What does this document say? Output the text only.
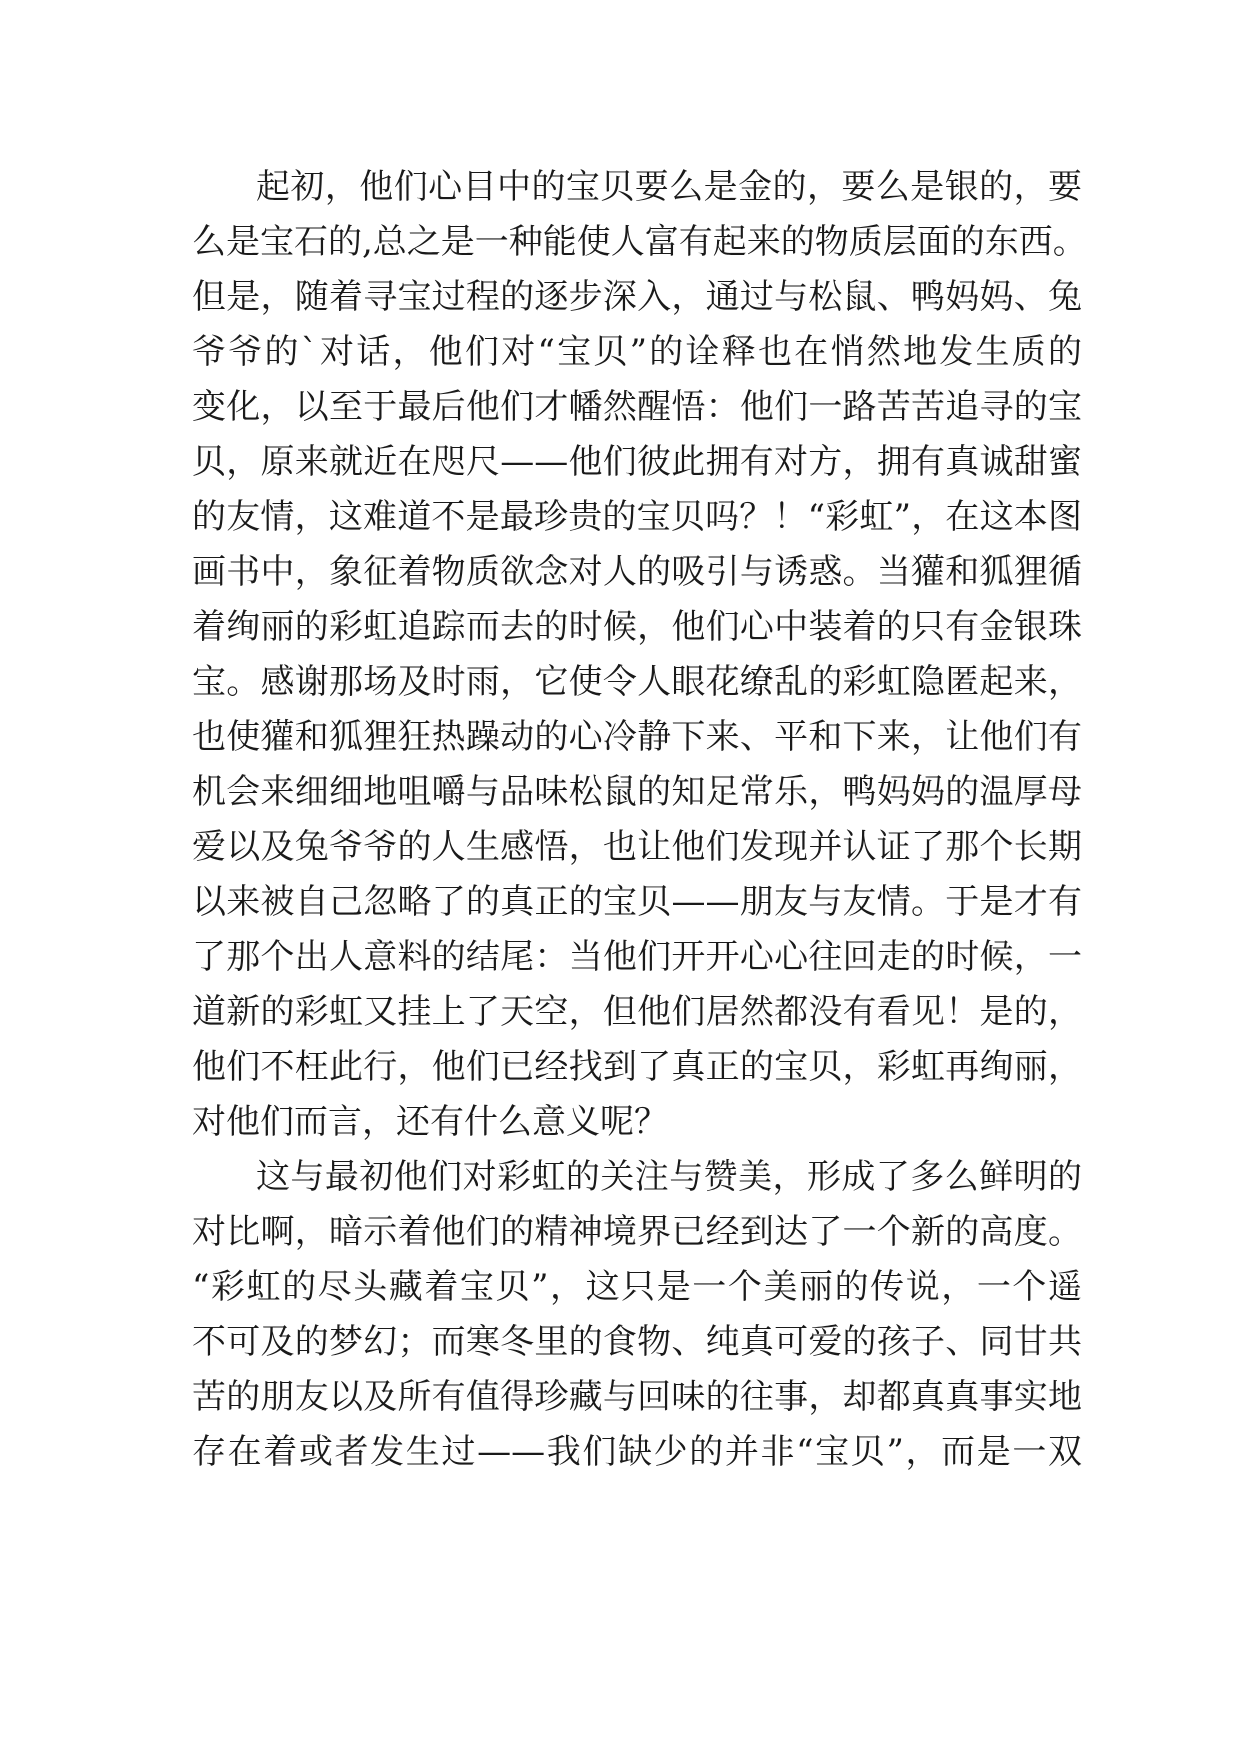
起初，他们心目中的宝贝要么是金的，要么是银的，要
么是宝石的,总之是一种能使人富有起来的物质层面的东西。
但是，随着寻宝过程的逐步深入，通过与松鼠、鸭妈妈、兔
爷爷的`对话，他们对“宝贝”的诠释也在悄然地发生质的
变化，以至于最后他们才幡然醒悟：他们一路苦苦追寻的宝
贝，原来就近在咫尺——他们彼此拥有对方，拥有真诚甜蜜
的友情，这难道不是最珍贵的宝贝吗？！“彩虹”，在这本图
画书中，象征着物质欲念对人的吸引与诱惑。当獾和狐狸循
着绚丽的彩虹追踪而去的时候，他们心中装着的只有金银珠
宝。感谢那场及时雨，它使令人眼花缭乱的彩虹隐匿起来，
也使獾和狐狸狂热躁动的心冷静下来、平和下来，让他们有
机会来细细地咀嚼与品味松鼠的知足常乐，鸭妈妈的温厚母
爱以及兔爷爷的人生感悟，也让他们发现并认证了那个长期
以来被自己忽略了的真正的宝贝——朋友与友情。于是才有
了那个出人意料的结尾：当他们开开心心往回走的时候，一
道新的彩虹又挂上了天空，但他们居然都没有看见！是的，
他们不枉此行，他们已经找到了真正的宝贝，彩虹再绚丽，
对他们而言，还有什么意义呢？
这与最初他们对彩虹的关注与赞美，形成了多么鲜明的
对比啊，暗示着他们的精神境界已经到达了一个新的高度。
“彩虹的尽头藏着宝贝”，这只是一个美丽的传说，一个遥
不可及的梦幻；而寒冬里的食物、纯真可爱的孩子、同甘共
苦的朋友以及所有值得珍藏与回味的往事，却都真真事实地
存在着或者发生过——我们缺少的并非“宝贝”，而是一双
